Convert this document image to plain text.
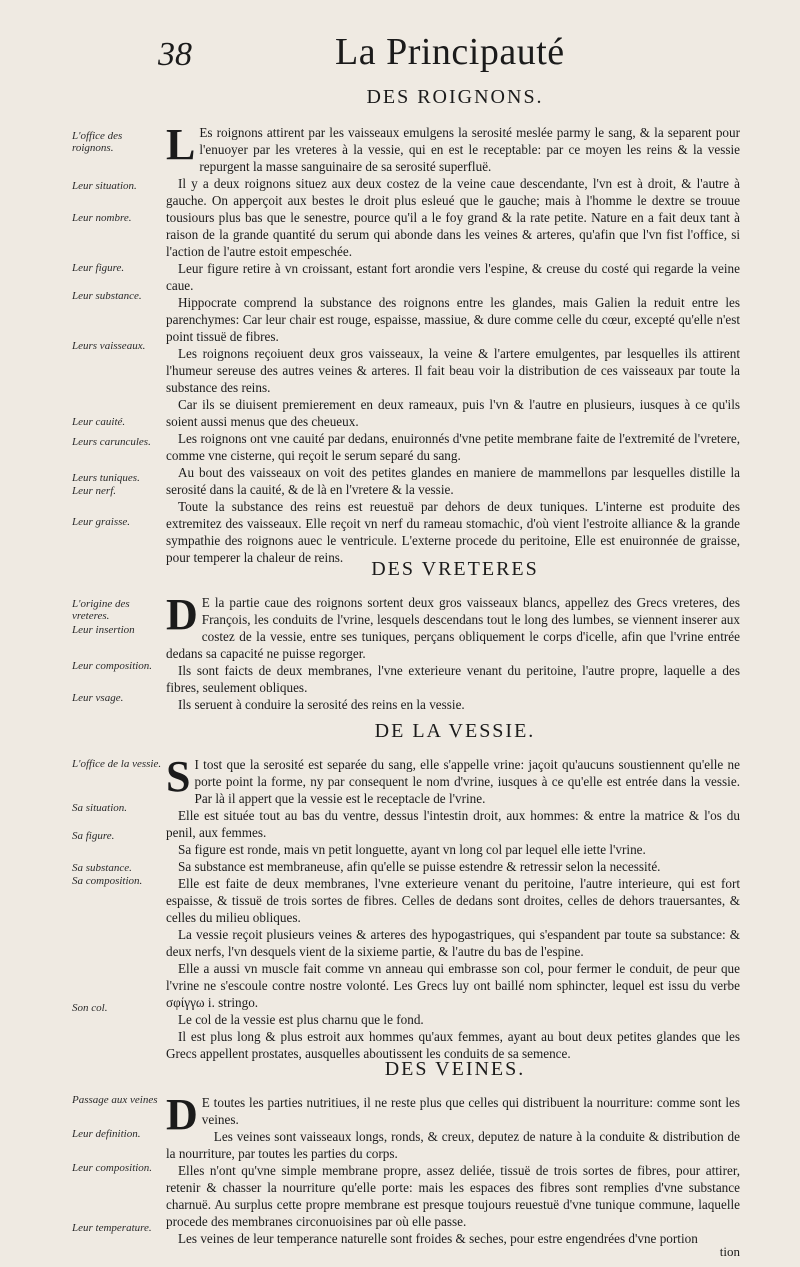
38	La Principauté
DES ROIGNONS.

L Es roignons attirent par les vaisseaux emulgens la serosité meslée parmy le sang, & la separent pour l'enuoyer par les vreteres à la vessie, qui en est le receptable: par ce moyen les reins & la vessie repurgent la masse sanguinaire de sa serosité superfluë.

Il y a deux roignons situez aux deux costez de la veine caue descendante, l'vn est à droit, & l'autre à gauche. On apperçoit aux bestes le droit plus esleué que le gauche; mais à l'homme le dextre se trouue tousiours plus bas que le senestre, pource qu'il a le foy grand & la rate petite. Nature en a fait deux tant à raison de la grande quantité du serum qui abonde dans les veines & arteres, qu'afin que l'vn fist l'office, si l'action de l'autre estoit empeschée.

Leur figure retire à vn croissant, estant fort arondie vers l'espine, & creuse du costé qui regarde la veine caue.

Hippocrate comprend la substance des roignons entre les glandes, mais Galien la reduit entre les parenchymes: Car leur chair est rouge, espaisse, massiue, & dure comme celle du cœur, excepté qu'elle n'est point tissuë de fibres.

Les roignons reçoiuent deux gros vaisseaux, la veine & l'artere emulgentes, par lesquelles ils attirent l'humeur sereuse des autres veines & arteres. Il fait beau voir la distribution de ces vaisseaux par toute la substance des reins.

Car ils se diuisent premierement en deux rameaux, puis l'vn & l'autre en plusieurs, iusques à ce qu'ils soient aussi menus que des cheueux.

Les roignons ont vne cauité par dedans, enuironnés d'vne petite membrane faite de l'extremité de l'vretere, comme vne cisterne, qui reçoit le serum separé du sang.

Au bout des vaisseaux on voit des petites glandes en maniere de mammellons par lesquelles distille la serosité dans la cauité, & de là en l'vretere & la vessie.

Toute la substance des reins est reuestuë par dehors de deux tuniques. L'interne est produite des extremitez des vaisseaux. Elle reçoit vn nerf du rameau stomachic, d'où vient l'estroite alliance & la grande sympathie des roignons auec le ventricule. L'externe procede du peritoine, Elle est enuironnée de graisse, pour temperer la chaleur de reins.

DES VRETERES

D E la partie caue des roignons sortent deux gros vaisseaux blancs, appellez des Grecs vreteres, des François, les conduits de l'vrine, lesquels descendans tout le long des lumbes, se viennent inserer aux costez de la vessie, entre ses tuniques, perçans obliquement le corps d'icelle, afin que l'vrine entrée dedans sa capacité ne puisse regorger.

Ils sont faicts de deux membranes, l'vne exterieure venant du peritoine, l'autre propre, laquelle a des fibres, seulement obliques.

Ils seruent à conduire la serosité des reins en la vessie.

DE LA VESSIE.

S I tost que la serosité est separée du sang, elle s'appelle vrine: jaçoit qu'aucuns soustiennent qu'elle ne porte point la forme, ny par consequent le nom d'vrine, iusques à ce qu'elle est entrée dans la vessie. Par là il appert que la vessie est le receptacle de l'vrine.

Elle est située tout au bas du ventre, dessus l'intestin droit, aux hommes: & entre la matrice & l'os du penil, aux femmes.

Sa figure est ronde, mais vn petit longuette, ayant vn long col par lequel elle iette l'vrine.

Sa substance est membraneuse, afin qu'elle se puisse estendre & retressir selon la necessité.

Elle est faite de deux membranes, l'vne exterieure venant du peritoine, l'autre interieure, qui est fort espaisse, & tissuë de trois sortes de fibres. Celles de dedans sont droites, celles de dehors trauersantes, & celles du milieu obliques.

La vessie reçoit plusieurs veines & arteres des hypogastriques, qui s'espandent par toute sa substance: & deux nerfs, l'vn desquels vient de la sixieme partie, & l'autre du bas de l'espine.

Elle a aussi vn muscle fait comme vn anneau qui embrasse son col, pour fermer le conduit, de peur que l'vrine ne s'escoule contre nostre volonté. Les Grecs luy ont baillé nom sphincter, lequel est issu du verbe σφίγγω i. stringo.

Le col de la vessie est plus charnu que le fond.

Il est plus long & plus estroit aux hommes qu'aux femmes, ayant au bout deux petites glandes que les Grecs appellent prostates, ausquelles aboutissent les conduits de sa semence.

DES VEINES.

D E toutes les parties nutritiues, il ne reste plus que celles qui distribuent la nourriture: comme sont les veines.

Les veines sont vaisseaux longs, ronds, & creux, deputez de nature à la conduite & distribution de la nourriture, par toutes les parties du corps.

Elles n'ont qu'vne simple membrane propre, assez deliée, tissuë de trois sortes de fibres, pour attirer, retenir & chasser la nourriture qu'elle porte: mais les espaces des fibres sont remplies d'vne substance charnuë. Au surplus cette propre membrane est presque toujours reuestuë d'vne tunique commune, laquelle procede des membranes circonuoisines par où elle passe.

Les veines de leur temperance naturelle sont froides & seches, pour estre engendrées d'vne portion

tion
L'office des roignons.
Leur situation.
Leur nombre.
Leur figure.
Leur substance.
Leurs vaisseaux.
Leur cauité.
Leurs caruncules.
Leurs tuniques.
Leur nerf.
Leur graisse.
L'origine des vreteres.
Leur insertion
Leur composition.
Leur vsage.
L'office de la vessie.
Sa situation.
Sa figure.
Sa substance.
Sa composition.
Son col.
Passage aux veines
Leur definition.
Leur composition.
Leur temperature.
